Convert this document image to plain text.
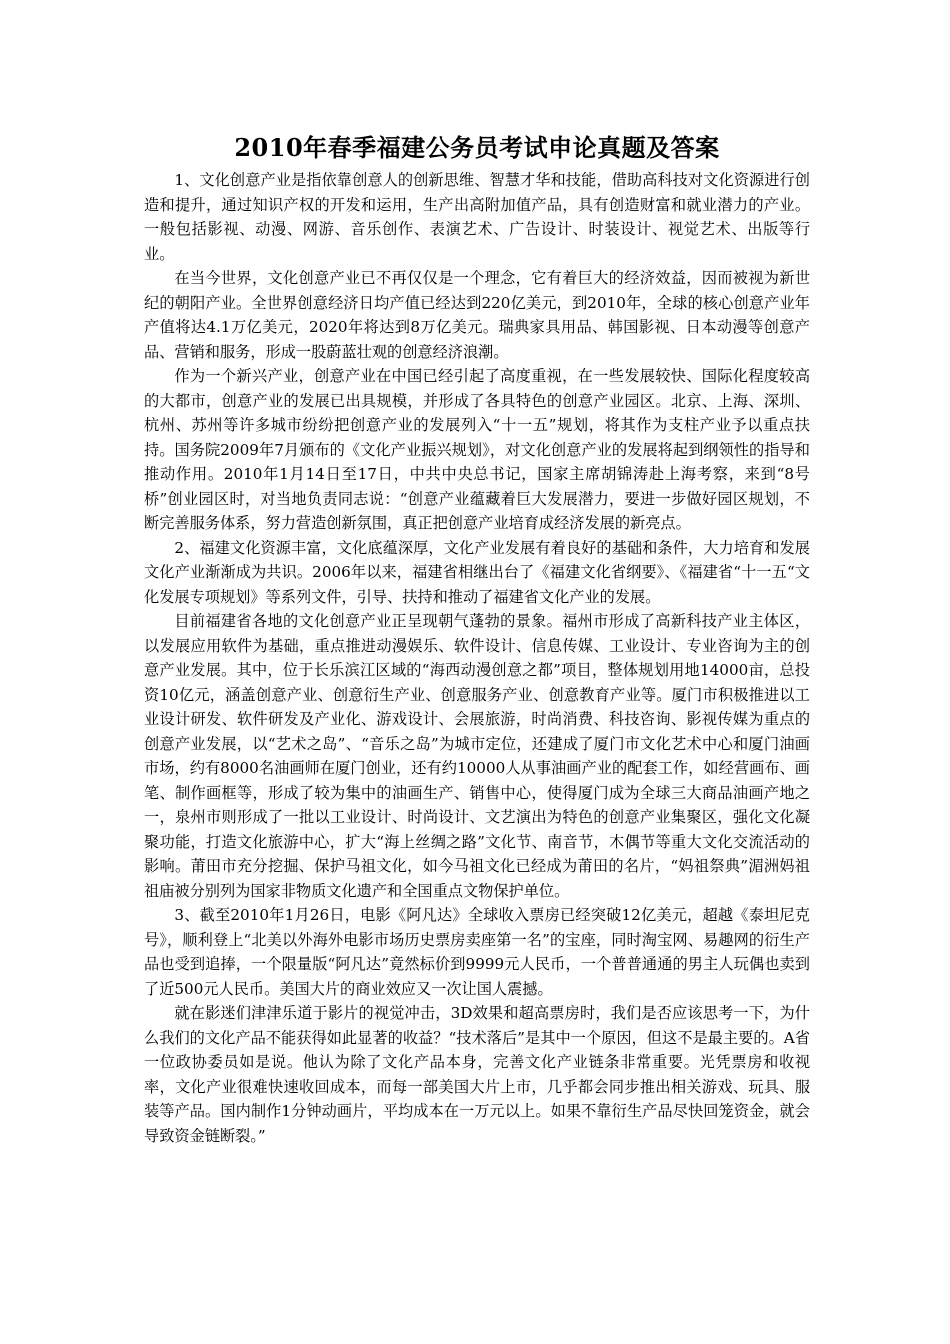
2010年春季福建公务员考试申论真题及答案

1、文化创意产业是指依靠创意人的创新思维、智慧才华和技能，借助高科技对文化资源进行创造和提升，通过知识产权的开发和运用，生产出高附加值产品，具有创造财富和就业潜力的产业。一般包括影视、动漫、网游、音乐创作、表演艺术、广告设计、时装设计、视觉艺术、出版等行业。

在当今世界，文化创意产业已不再仅仅是一个理念，它有着巨大的经济效益，因而被视为新世纪的朝阳产业。全世界创意经济日均产值已经达到220亿美元，到2010年，全球的核心创意产业年产值将达4.1万亿美元，2020年将达到8万亿美元。瑞典家具用品、韩国影视、日本动漫等创意产品、营销和服务，形成一股蔚蓝壮观的创意经济浪潮。

作为一个新兴产业，创意产业在中国已经引起了高度重视，在一些发展较快、国际化程度较高的大都市，创意产业的发展已出具规模，并形成了各具特色的创意产业园区。北京、上海、深圳、杭州、苏州等许多城市纷纷把创意产业的发展列入“十一五”规划，将其作为支柱产业予以重点扶持。国务院2009年7月颁布的《文化产业振兴规划》，对文化创意产业的发展将起到纲领性的指导和推动作用。2010年1月14日至17日，中共中央总书记，国家主席胡锦涛赴上海考察，来到“8号桥”创业园区时，对当地负责同志说：“创意产业蕴藏着巨大发展潜力，要进一步做好园区规划，不断完善服务体系，努力营造创新氛围，真正把创意产业培育成经济发展的新亮点。

2、福建文化资源丰富，文化底蕴深厚，文化产业发展有着良好的基础和条件，大力培育和发展文化产业渐渐成为共识。2006年以来，福建省相继出台了《福建文化省纲要》、《福建省“十一五“文化发展专项规划》等系列文件，引导、扶持和推动了福建省文化产业的发展。

目前福建省各地的文化创意产业正呈现朝气蓬勃的景象。福州市形成了高新科技产业主体区，以发展应用软件为基础，重点推进动漫娱乐、软件设计、信息传媒、工业设计、专业咨询为主的创意产业发展。其中，位于长乐滨江区域的“海西动漫创意之都”项目，整体规划用地14000亩，总投资10亿元，涵盖创意产业、创意衍生产业、创意服务产业、创意教育产业等。厦门市积极推进以工业设计研发、软件研发及产业化、游戏设计、会展旅游，时尚消费、科技咨询、影视传媒为重点的创意产业发展，以“艺术之岛”、“音乐之岛”为城市定位，还建成了厦门市文化艺术中心和厦门油画市场，约有8000名油画师在厦门创业，还有约10000人从事油画产业的配套工作，如经营画布、画笔、制作画框等，形成了较为集中的油画生产、销售中心，使得厦门成为全球三大商品油画产地之一，泉州市则形成了一批以工业设计、时尚设计、文艺演出为特色的创意产业集聚区，强化文化凝聚功能，打造文化旅游中心，扩大“海上丝绸之路”文化节、南音节，木偶节等重大文化交流活动的影响。莆田市充分挖掘、保护马祖文化，如今马祖文化已经成为莆田的名片，“妈祖祭典”湄洲妈祖祖庙被分别列为国家非物质文化遗产和全国重点文物保护单位。

3、截至2010年1月26日，电影《阿凡达》全球收入票房已经突破12亿美元，超越《泰坦尼克号》，顺利登上“北美以外海外电影市场历史票房卖座第一名”的宝座，同时淘宝网、易趣网的衍生产品也受到追捧，一个限量版“阿凡达”竟然标价到9999元人民币，一个普普通通的男主人玩偶也卖到了近500元人民币。美国大片的商业效应又一次让国人震撼。

就在影迷们津津乐道于影片的视觉冲击，3D效果和超高票房时，我们是否应该思考一下，为什么我们的文化产品不能获得如此显著的收益？“技术落后”是其中一个原因，但这不是最主要的。A省一位政协委员如是说。他认为除了文化产品本身，完善文化产业链条非常重要。光凭票房和收视率，文化产业很难快速收回成本，而每一部美国大片上市，几乎都会同步推出相关游戏、玩具、服装等产品。国内制作1分钟动画片，平均成本在一万元以上。如果不靠衍生产品尽快回笼资金，就会导致资金链断裂。”
